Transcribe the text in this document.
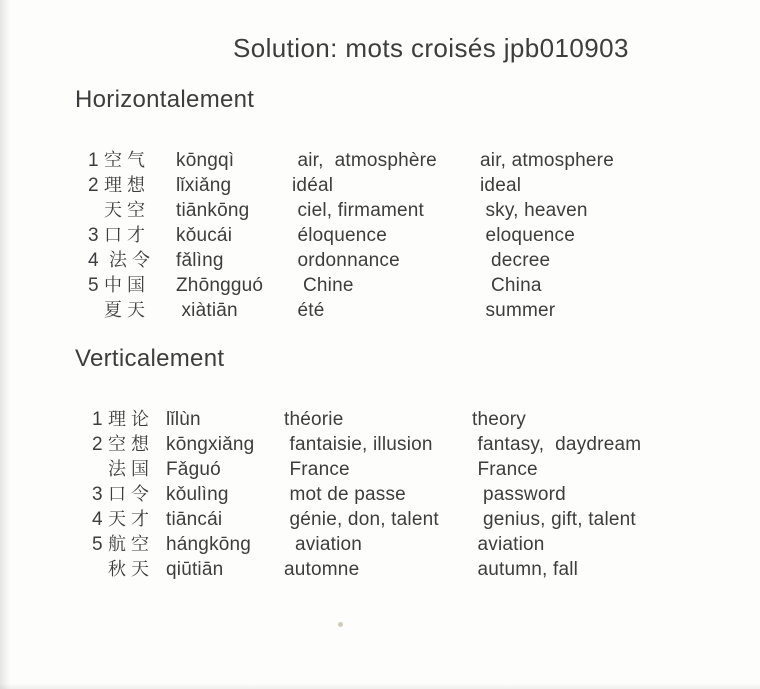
Solution: mots croisés jpb010903
Horizontalement
1 空 气	kōngqì	air,  atmosphère	air, atmosphere
2 理 想	lǐxiǎng	idéal	ideal
天 空	tiānkōng	ciel, firmament	sky, heaven
3 口 才	kǒucái	éloquence	eloquence
4 法 令	fǎlìng	ordonnance	decree
5 中 国	Zhōngguó	Chine	China
夏 天	xiàtiān	été	summer
Verticalement
1 理 论 lǐlùn	théorie	theory
2 空 想 kōngxiǎng	fantaisie, illusion	fantasy,  daydream
法 国 Fǎguó	France	France
3 口 令 kǒulìng	mot de passe	password
4 天 才 tiāncái	génie, don, talent	genius, gift, talent
5 航 空 hángkōng	aviation	aviation
秋 天 qiūtiān	automne	autumn, fall
